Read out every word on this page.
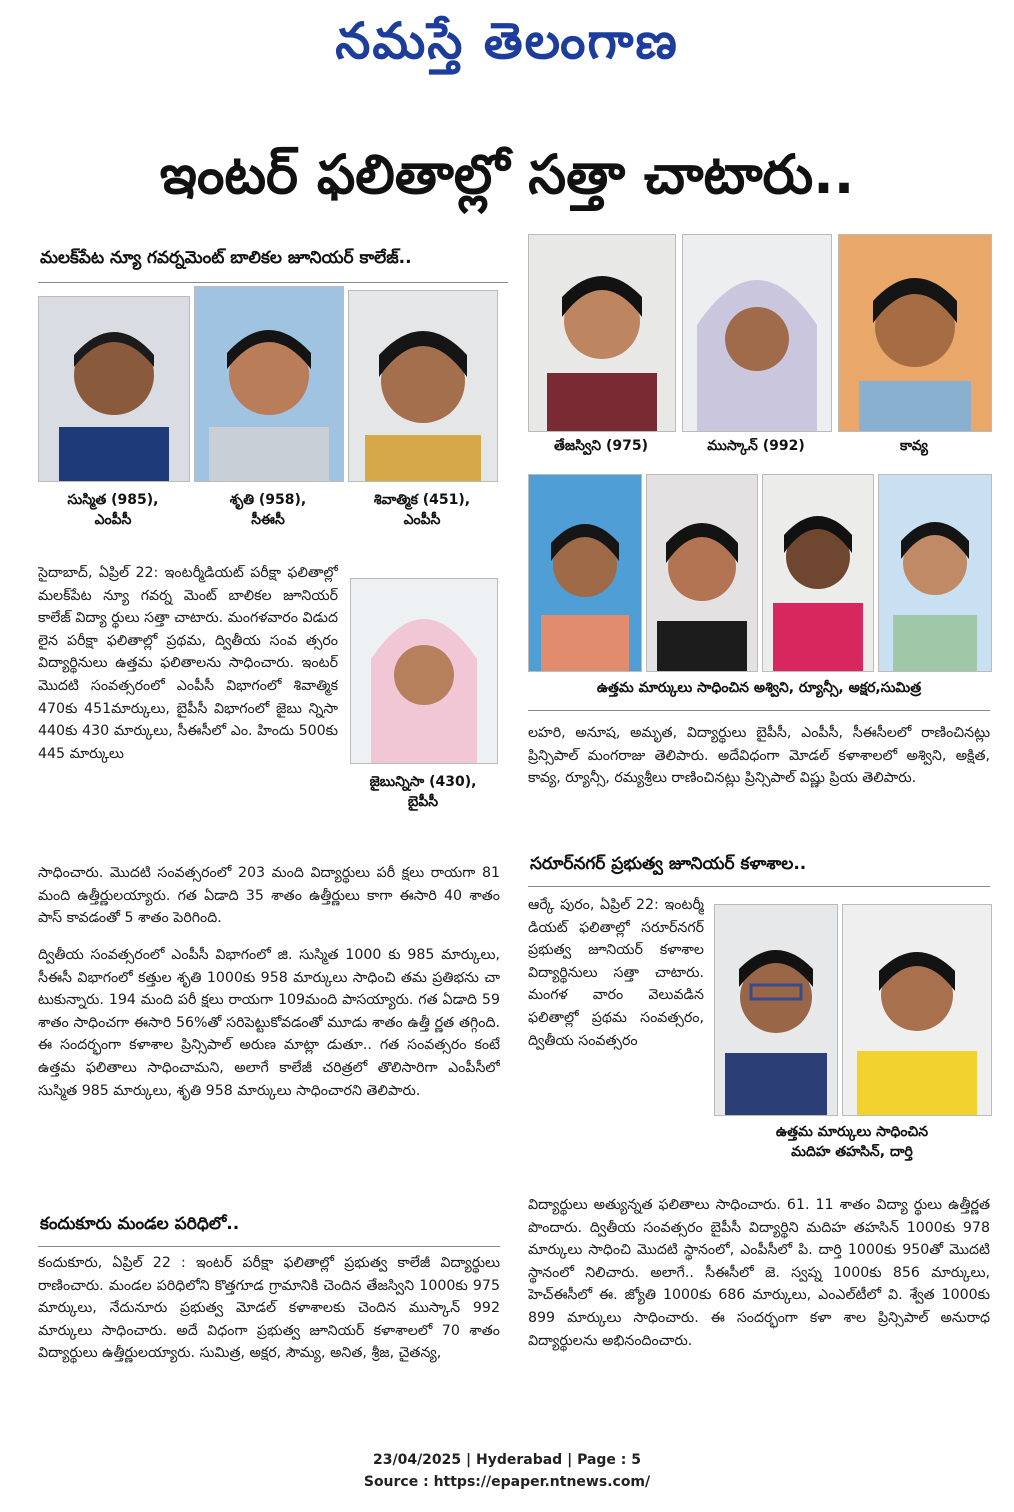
నమస్తే తెలంగాణ
ఇంటర్ ఫలితాల్లో సత్తా చాటారు..
మలక్‌పేట న్యూ గవర్నమెంట్ బాలికల జూనియర్ కాలేజ్..
సుస్మిత (985),
ఎంపీసీ
శృతి (958),
సీఈసీ
శివాత్మిక (451),
ఎంపీసీ
సైదాబాద్, ఏప్రిల్ 22: ఇంటర్మీడియట్ పరీక్షా ఫలితాల్లో మలక్‌పేట న్యూ గవర్న మెంట్ బాలికల జూనియర్ కాలేజ్ విద్యా ర్థులు సత్తా చాటారు. మంగళవారం విడుద లైన పరీక్షా ఫలితాల్లో ప్రథమ, ద్వితీయ సంవ త్సరం విద్యార్థినులు ఉత్తమ ఫలితాలను సాధించారు. ఇంటర్ మొదటి సంవత్సరంలో ఎంపీసీ విభాగంలో శివాత్మిక 470కు 451మార్కులు, బైపీసీ విభాగంలో జైబు న్నిసా 440కు 430 మార్కులు, సీఈసీలో ఎం. హిందు 500కు 445 మార్కులు
జైబున్నిసా (430),
బైపీసీ
సాధించారు. మొదటి సంవత్సరంలో 203 మంది విద్యార్థులు పరీ క్షలు రాయగా 81 మంది ఉత్తీర్ణులయ్యారు. గత ఏడాది 35 శాతం ఉత్తీర్ణులు కాగా ఈసారి 40 శాతం పాస్ కావడంతో 5 శాతం పెరిగింది.
ద్వితీయ సంవత్సరంలో ఎంపీసీ విభాగంలో జి. సుస్మిత 1000 కు 985 మార్కులు, సీఈసీ విభాగంలో కత్తుల శృతి 1000కు 958 మార్కులు సాధించి తమ ప్రతిభను చా టుకున్నారు. 194 మంది పరీ క్షలు రాయగా 109మంది పాసయ్యారు. గత ఏడాది 59 శాతం సాధించగా ఈసారి 56%తో సరిపెట్టుకోవడంతో మూడు శాతం ఉత్తీ ర్ణత తగ్గింది. ఈ సందర్భంగా కళాశాల ప్రిన్సిపాల్ అరుణ మాట్లా డుతూ.. గత సంవత్సరం కంటే ఉత్తమ ఫలితాలు సాధించామని, అలాగే కాలేజీ చరిత్రలో తొలిసారిగా ఎంపీసీలో సుస్మిత 985 మార్కులు, శృతి 958 మార్కులు సాధించారని తెలిపారు.
కందుకూరు మండల పరిధిలో..
కందుకూరు, ఏప్రిల్ 22 : ఇంటర్ పరీక్షా ఫలితాల్లో ప్రభుత్వ కాలేజీ విద్యార్థులు రాణించారు. మండల పరిధిలోని కొత్తగూడ గ్రామానికి చెందిన తేజస్విని 1000కు 975 మార్కులు, నేదునూరు ప్రభుత్వ మోడల్ కళాశాలకు చెందిన ముస్కాన్ 992 మార్కులు సాధించారు. అదే విధంగా ప్రభుత్వ జూనియర్ కళాశాలలో 70 శాతం విద్యార్థులు ఉత్తీర్ణులయ్యారు. సుమిత్ర, అక్షర, సౌమ్య, అనిత, శ్రీజ, చైతన్య,
తేజస్విని (975)	ముస్కాన్ (992)	కావ్య
ఉత్తమ మార్కులు సాధించిన అశ్విని, ర్యూన్సీ, అక్షర,సుమిత్ర
లహరి, అనూష, అమృత, విద్యార్థులు బైపీసీ, ఎంపీసీ, సీఈసీలలో రాణించినట్లు ప్రిన్సిపాల్ మంగరాజు తెలిపారు. అదేవిధంగా మోడల్ కళాశాలలో అశ్విని, అక్షిత, కావ్య, ర్యూన్సీ, రమ్యశ్రీలు రాణించినట్లు ప్రిన్సిపాల్ విష్ణు ప్రియ తెలిపారు.
సరూర్‌నగర్ ప్రభుత్వ జూనియర్ కళాశాల..
ఆర్కే పురం, ఏప్రిల్ 22: ఇంటర్మీ డియట్ ఫలితాల్లో సరూర్‌నగర్ ప్రభుత్వ జూనియర్ కళాశాల విద్యార్థినులు సత్తా చాటారు. మంగళ వారం వెలువడిన ఫలితాల్లో ప్రథమ సంవత్సరం, ద్వితీయ సంవత్సరం
ఉత్తమ మార్కులు సాధించిన
మదిహ తహసిన్, దార్తి
విద్యార్థులు అత్యున్నత ఫలితాలు సాధించారు. 61. 11 శాతం విద్యా ర్థులు ఉత్తీర్ణత పొందారు. ద్వితీయ సంవత్సరం బైపీసీ విద్యార్థిని మదిహ తహసిన్ 1000కు 978 మార్కులు సాధించి మొదటి స్థానంలో, ఎంపీసీలో పి. దార్తి 1000కు 950తో మొదటి స్థానంలో నిలిచారు. అలాగే.. సీఈసీలో జె. స్వప్న 1000కు 856 మార్కులు, హెచ్‌ఈసీలో ఈ. జ్యోతి 1000కు 686 మార్కులు, ఎంఎల్‌టీలో వి. శ్వేత 1000కు 899 మార్కులు సాధించారు. ఈ సందర్భంగా కళా శాల ప్రిన్సిపాల్ అనురాధ విద్యార్థులను అభినందించారు.
23/04/2025 | Hyderabad | Page : 5
Source : https://epaper.ntnews.com/
